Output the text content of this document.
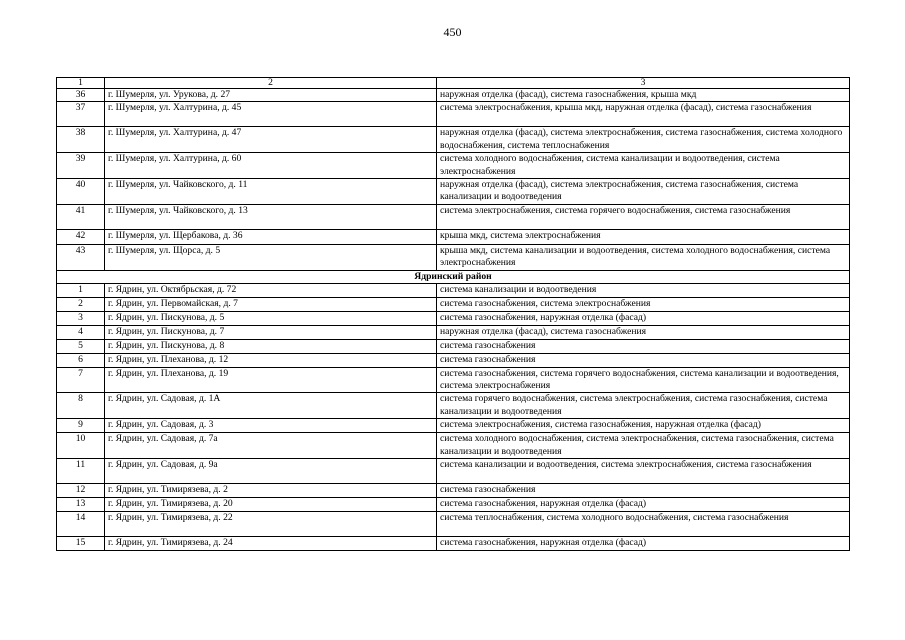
450
1	2	3
36	г. Шумерля, ул. Урукова, д. 27	наружная отделка (фасад), система газоснабжения, крыша мкд
37	г. Шумерля, ул. Халтурина, д. 45	система электроснабжения, крыша мкд, наружная отделка (фасад), система газоснабжения
38	г. Шумерля, ул. Халтурина, д. 47	наружная отделка (фасад), система электроснабжения, система газоснабжения, система холодного водоснабжения, система теплоснабжения
39	г. Шумерля, ул. Халтурина, д. 60	система холодного водоснабжения, система канализации и водоотведения, система электроснабжения
40	г. Шумерля, ул. Чайковского, д. 11	наружная отделка (фасад), система электроснабжения, система газоснабжения, система канализации и водоотведения
41	г. Шумерля, ул. Чайковского, д. 13	система электроснабжения, система горячего водоснабжения, система газоснабжения
42	г. Шумерля, ул. Щербакова, д. 36	крыша мкд, система электроснабжения
43	г. Шумерля, ул. Щорса, д. 5	крыша мкд, система канализации и водоотведения, система холодного водоснабжения, система электроснабжения
Ядринский район		
1	г. Ядрин, ул. Октябрьская, д. 72	система канализации и водоотведения
2	г. Ядрин, ул. Первомайская, д. 7	система газоснабжения, система электроснабжения
3	г. Ядрин, ул. Пискунова, д. 5	система газоснабжения, наружная отделка (фасад)
4	г. Ядрин, ул. Пискунова, д. 7	наружная отделка (фасад), система газоснабжения
5	г. Ядрин, ул. Пискунова, д. 8	система газоснабжения
6	г. Ядрин, ул. Плеханова, д. 12	система газоснабжения
7	г. Ядрин, ул. Плеханова, д. 19	система газоснабжения, система горячего водоснабжения, система канализации и водоотведения, система электроснабжения
8	г. Ядрин, ул. Садовая, д. 1А	система горячего водоснабжения, система электроснабжения, система газоснабжения, система канализации и водоотведения
9	г. Ядрин, ул. Садовая, д. 3	система электроснабжения, система газоснабжения, наружная отделка (фасад)
10	г. Ядрин, ул. Садовая, д. 7а	система холодного водоснабжения, система электроснабжения, система газоснабжения, система канализации и водоотведения
11	г. Ядрин, ул. Садовая, д. 9а	система канализации и водоотведения, система электроснабжения, система газоснабжения
12	г. Ядрин, ул. Тимирязева, д. 2	система газоснабжения
13	г. Ядрин, ул. Тимирязева, д. 20	система газоснабжения, наружная отделка (фасад)
14	г. Ядрин, ул. Тимирязева, д. 22	система теплоснабжения, система холодного водоснабжения, система газоснабжения
15	г. Ядрин, ул. Тимирязева, д. 24	система газоснабжения, наружная отделка (фасад)
